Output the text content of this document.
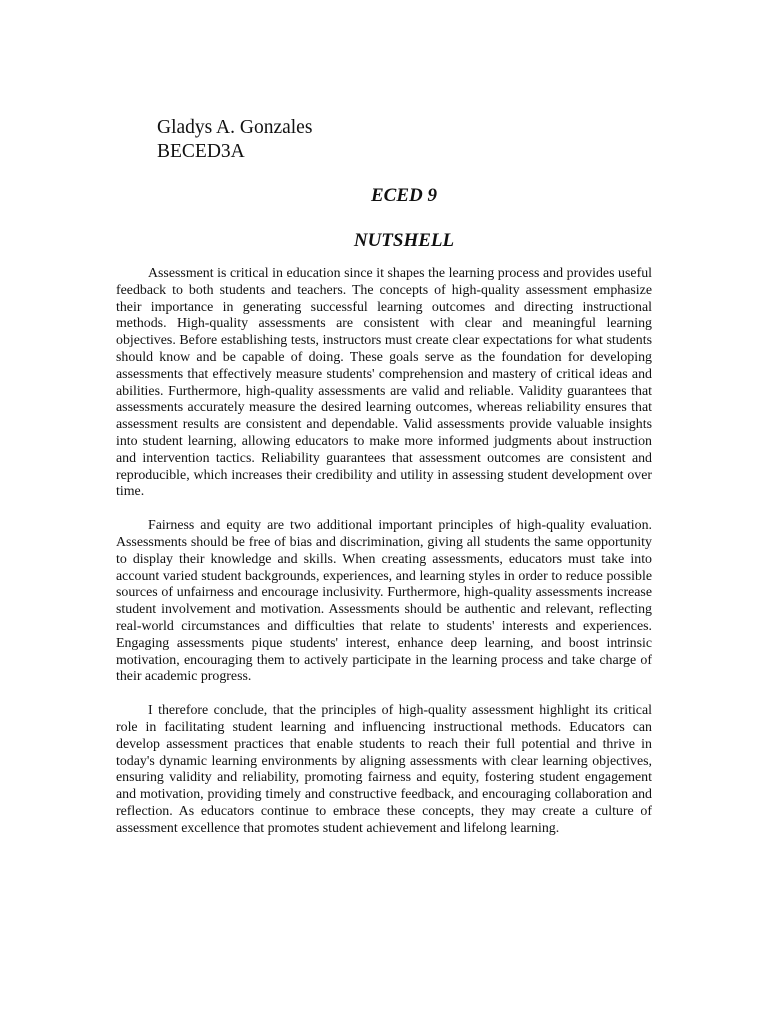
Gladys A. Gonzales
BECED3A
ECED 9
NUTSHELL

Assessment is critical in education since it shapes the learning process and provides useful feedback to both students and teachers. The concepts of high-quality assessment emphasize their importance in generating successful learning outcomes and directing instructional methods. High-quality assessments are consistent with clear and meaningful learning objectives. Before establishing tests, instructors must create clear expectations for what students should know and be capable of doing. These goals serve as the foundation for developing assessments that effectively measure students' comprehension and mastery of critical ideas and abilities. Furthermore, high-quality assessments are valid and reliable. Validity guarantees that assessments accurately measure the desired learning outcomes, whereas reliability ensures that assessment results are consistent and dependable. Valid assessments provide valuable insights into student learning, allowing educators to make more informed judgments about instruction and intervention tactics. Reliability guarantees that assessment outcomes are consistent and reproducible, which increases their credibility and utility in assessing student development over time.

Fairness and equity are two additional important principles of high-quality evaluation. Assessments should be free of bias and discrimination, giving all students the same opportunity to display their knowledge and skills. When creating assessments, educators must take into account varied student backgrounds, experiences, and learning styles in order to reduce possible sources of unfairness and encourage inclusivity. Furthermore, high-quality assessments increase student involvement and motivation. Assessments should be authentic and relevant, reflecting real-world circumstances and difficulties that relate to students' interests and experiences. Engaging assessments pique students' interest, enhance deep learning, and boost intrinsic motivation, encouraging them to actively participate in the learning process and take charge of their academic progress.

I therefore conclude, that the principles of high-quality assessment highlight its critical role in facilitating student learning and influencing instructional methods. Educators can develop assessment practices that enable students to reach their full potential and thrive in today's dynamic learning environments by aligning assessments with clear learning objectives, ensuring validity and reliability, promoting fairness and equity, fostering student engagement and motivation, providing timely and constructive feedback, and encouraging collaboration and reflection. As educators continue to embrace these concepts, they may create a culture of assessment excellence that promotes student achievement and lifelong learning.
